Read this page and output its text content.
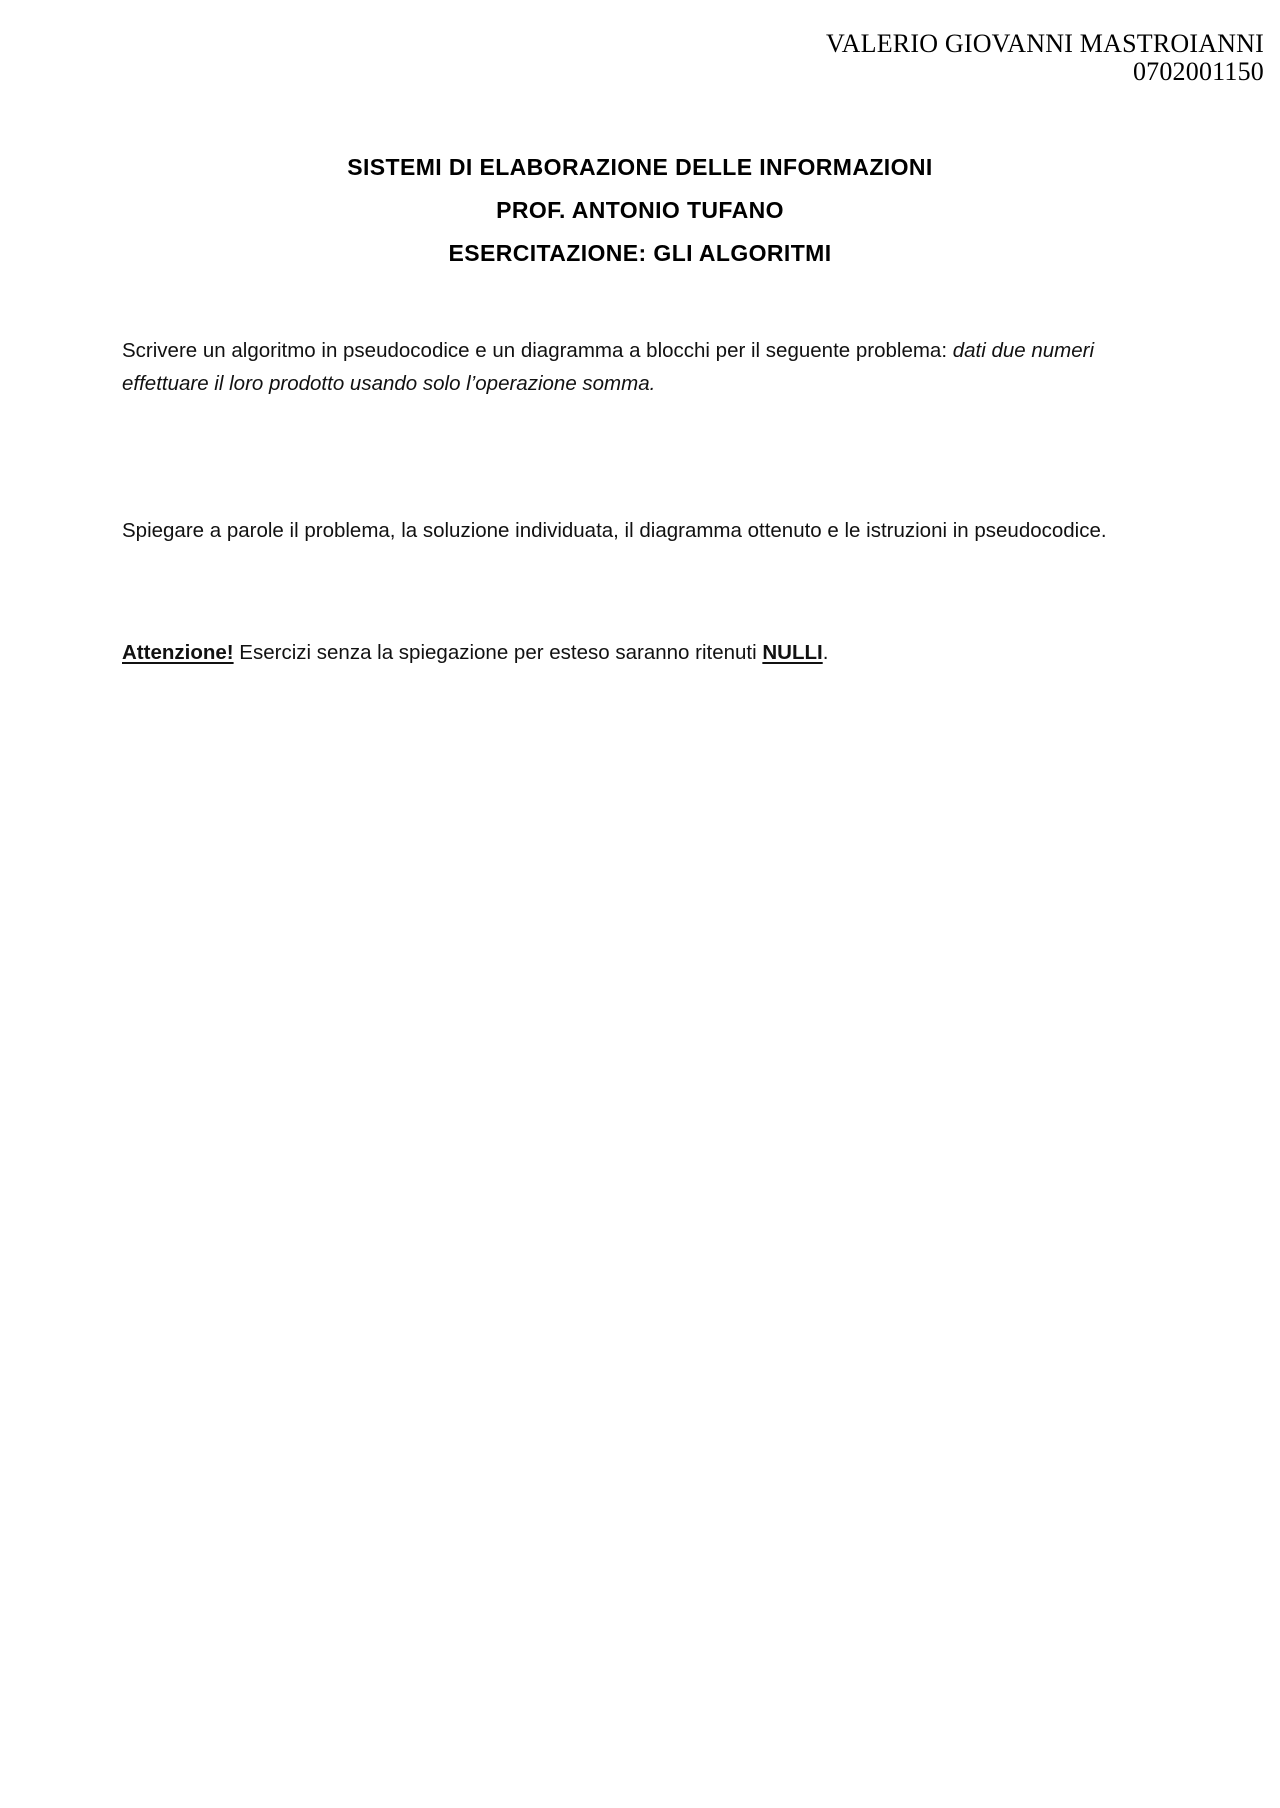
VALERIO GIOVANNI MASTROIANNI
0702001150
SISTEMI DI ELABORAZIONE DELLE INFORMAZIONI
PROF. ANTONIO TUFANO
ESERCITAZIONE: GLI ALGORITMI

Scrivere un algoritmo in pseudocodice e un diagramma a blocchi per il seguente problema: dati due numeri effettuare il loro prodotto usando solo l’operazione somma.

Spiegare a parole il problema, la soluzione individuata, il diagramma ottenuto e le istruzioni in pseudocodice.

Attenzione! Esercizi senza la spiegazione per esteso saranno ritenuti NULLI.
